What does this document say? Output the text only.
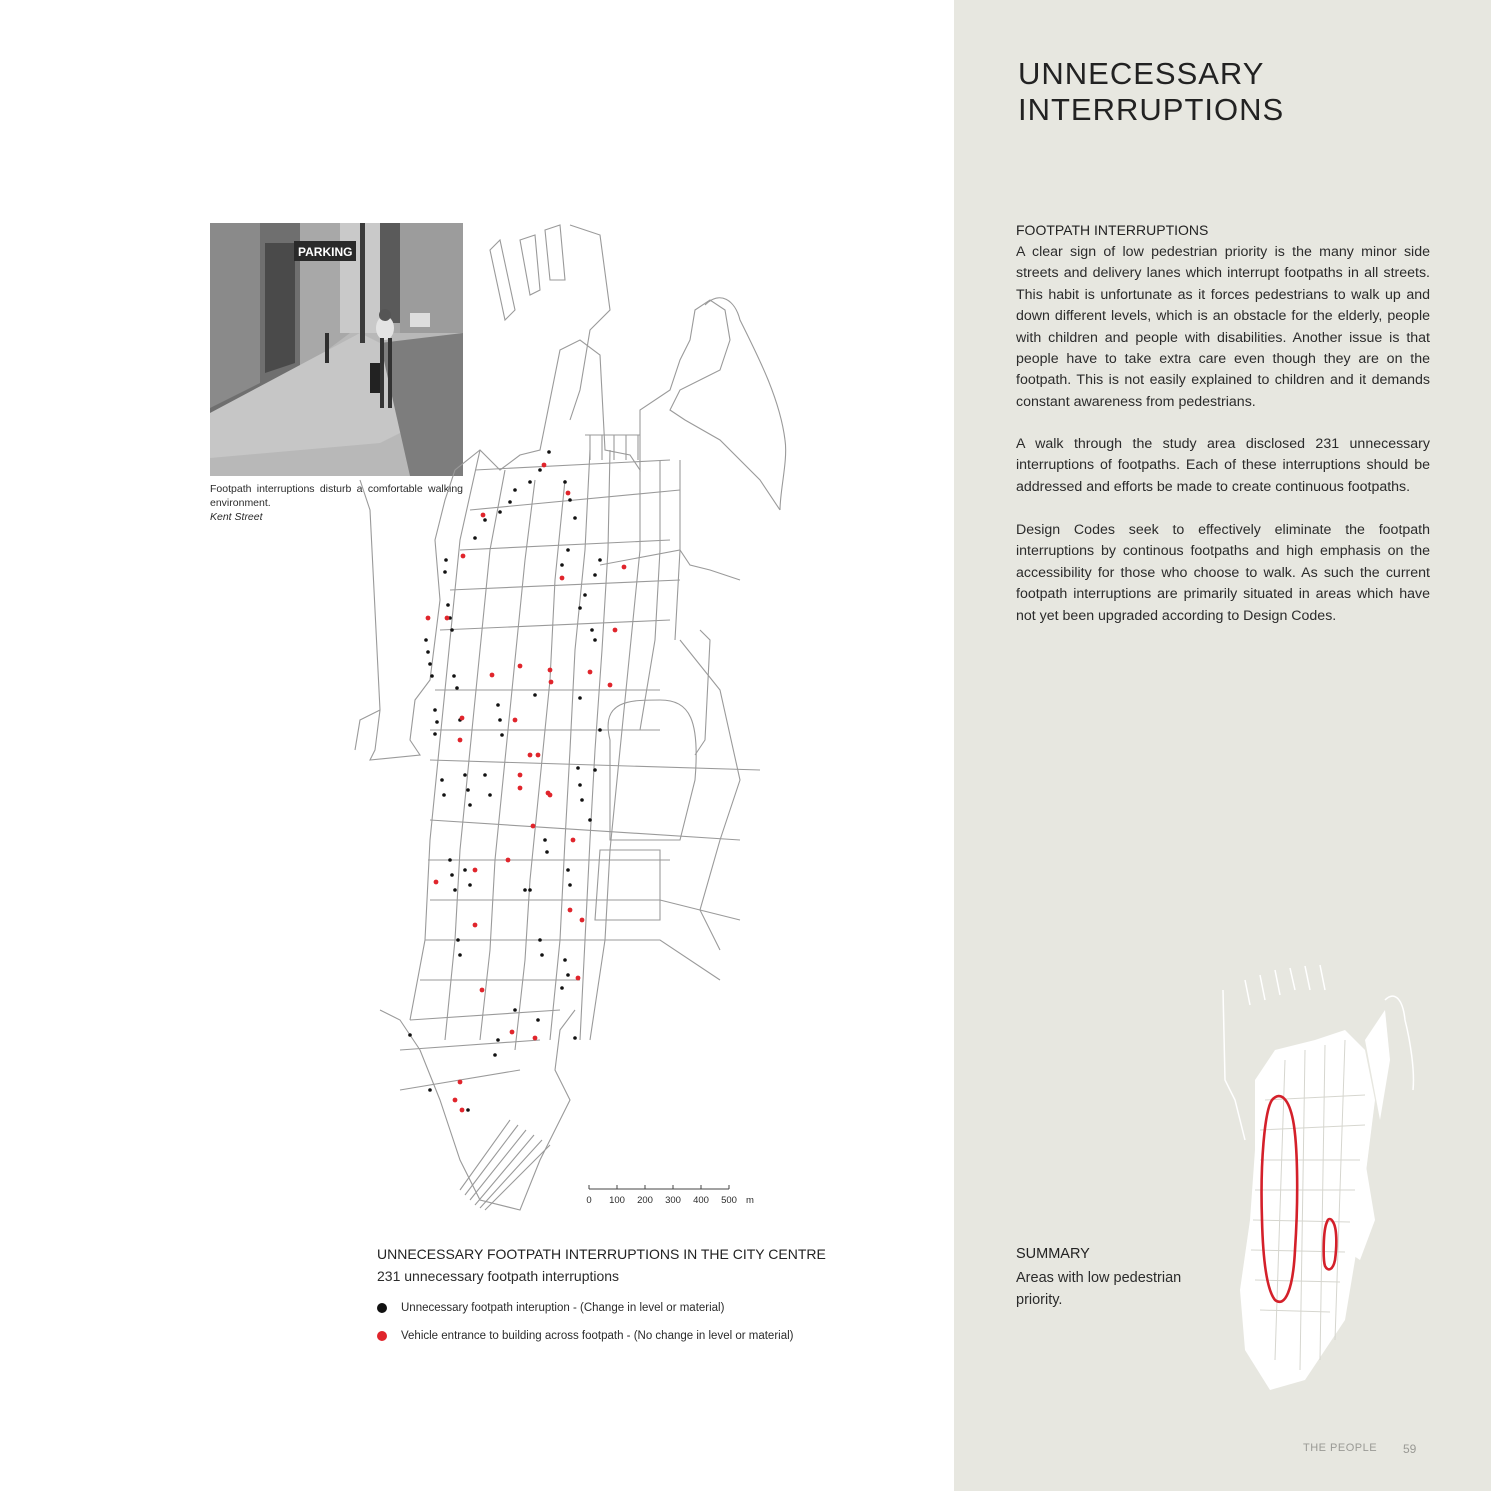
UNNECESSARY INTERRUPTIONS
FOOTPATH INTERRUPTIONS

A clear sign of low pedestrian priority is the many minor side streets and delivery lanes which interrupt footpaths in all streets. This habit is unfortunate as it forces pedestrians to walk up and down different levels, which is an obstacle for the elderly, people with children and people with disabilities. Another issue is that people have to take extra care even though they are on the footpath. This is not easily explained to children and it demands constant awareness from pedestrians.

A walk through the study area disclosed 231 unnecessary interruptions of footpaths. Each of these interruptions should be addressed and efforts be made to create continuous footpaths.

Design Codes seek to effectively eliminate the footpath interruptions by continous footpaths and high emphasis on the accessibility for those who choose to walk. As such the current footpath interruptions are primarily situated in areas which have not yet been upgraded according to Design Codes.

SUMMARY
Areas with low pedestrian priority.
THE PEOPLE 59
PARKING
Footpath interruptions disturb a comfortable walking environment.
Kent Street
0 100 200 300 400 500 m
UNNECESSARY FOOTPATH INTERRUPTIONS IN THE CITY CENTRE
231 unnecessary footpath interruptions
Unnecessary footpath interuption - (Change in level or material)
Vehicle entrance to building across footpath - (No change in level or material)
